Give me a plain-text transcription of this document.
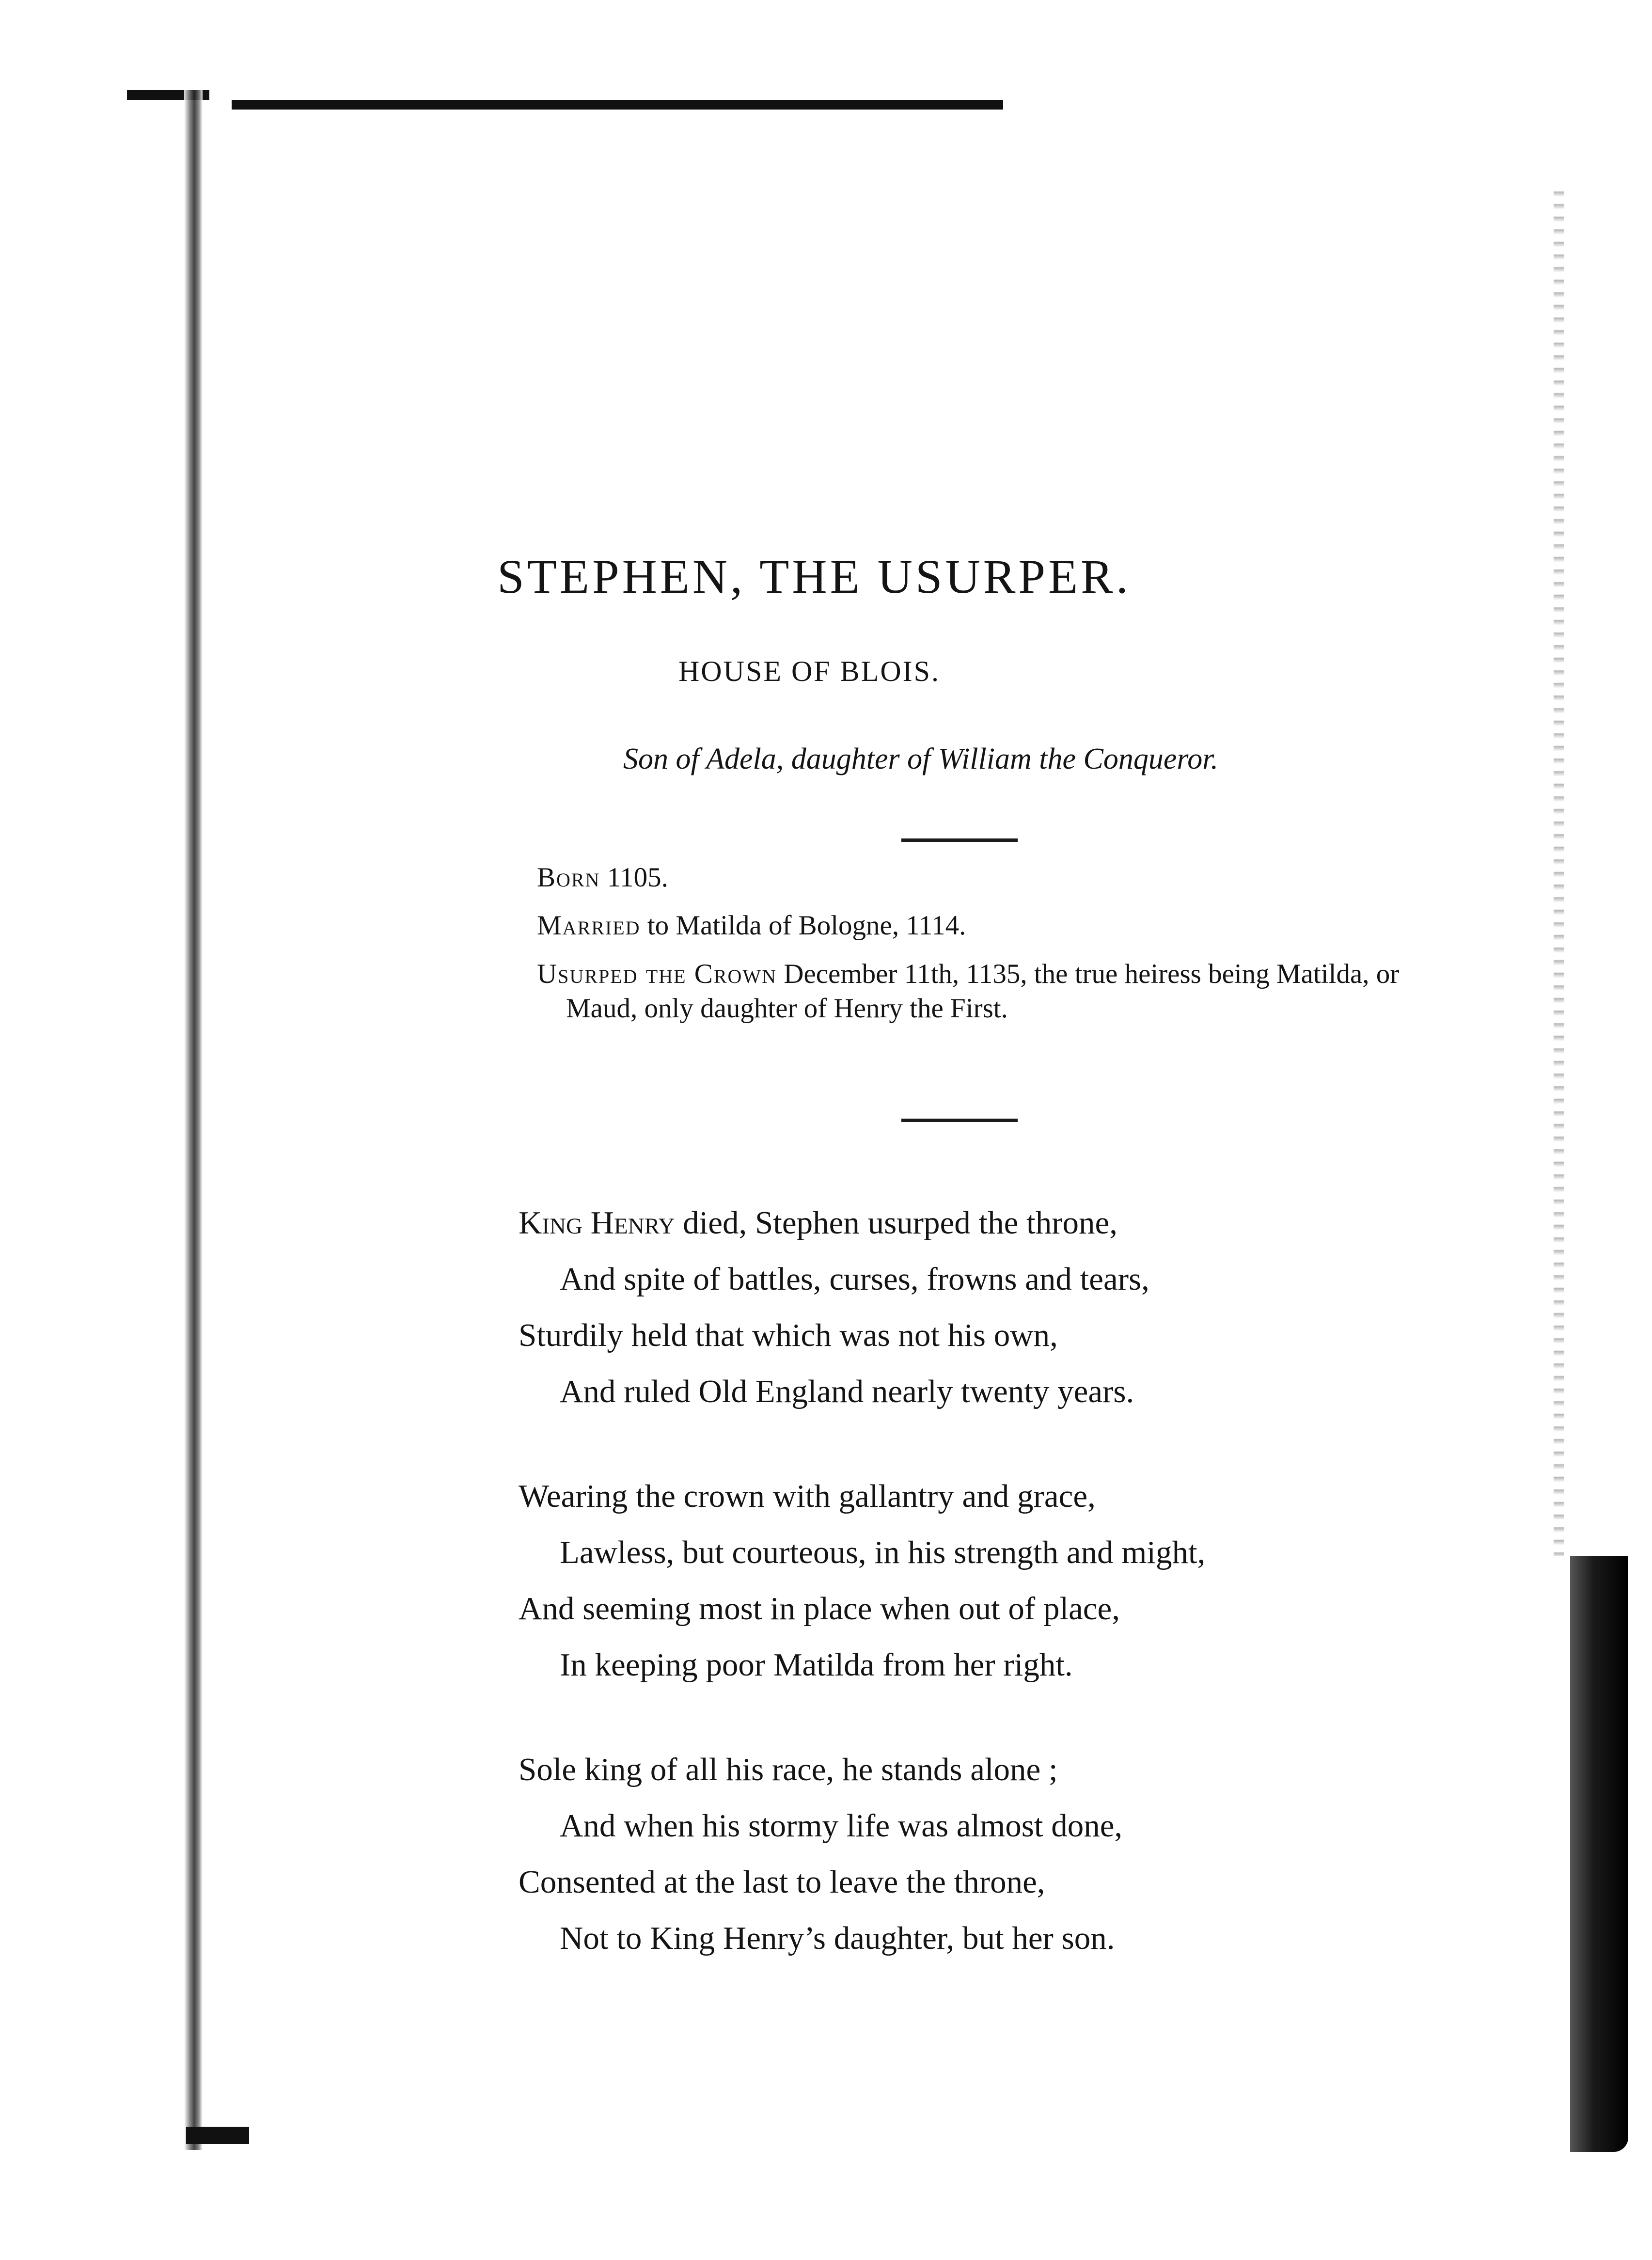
STEPHEN, THE USURPER.
HOUSE OF BLOIS.
Son of Adela, daughter of William the Conqueror.
Born 1105.
Married to Matilda of Bologne, 1114.
Usurped the Crown December 11th, 1135, the true heiress being Matilda, or Maud, only daughter of Henry the First.
King Henry died, Stephen usurped the throne,
And spite of battles, curses, frowns and tears,
Sturdily held that which was not his own,
And ruled Old England nearly twenty years.
Wearing the crown with gallantry and grace,
Lawless, but courteous, in his strength and might,
And seeming most in place when out of place,
In keeping poor Matilda from her right.
Sole king of all his race, he stands alone ;
And when his stormy life was almost done,
Consented at the last to leave the throne,
Not to King Henry’s daughter, but her son.
